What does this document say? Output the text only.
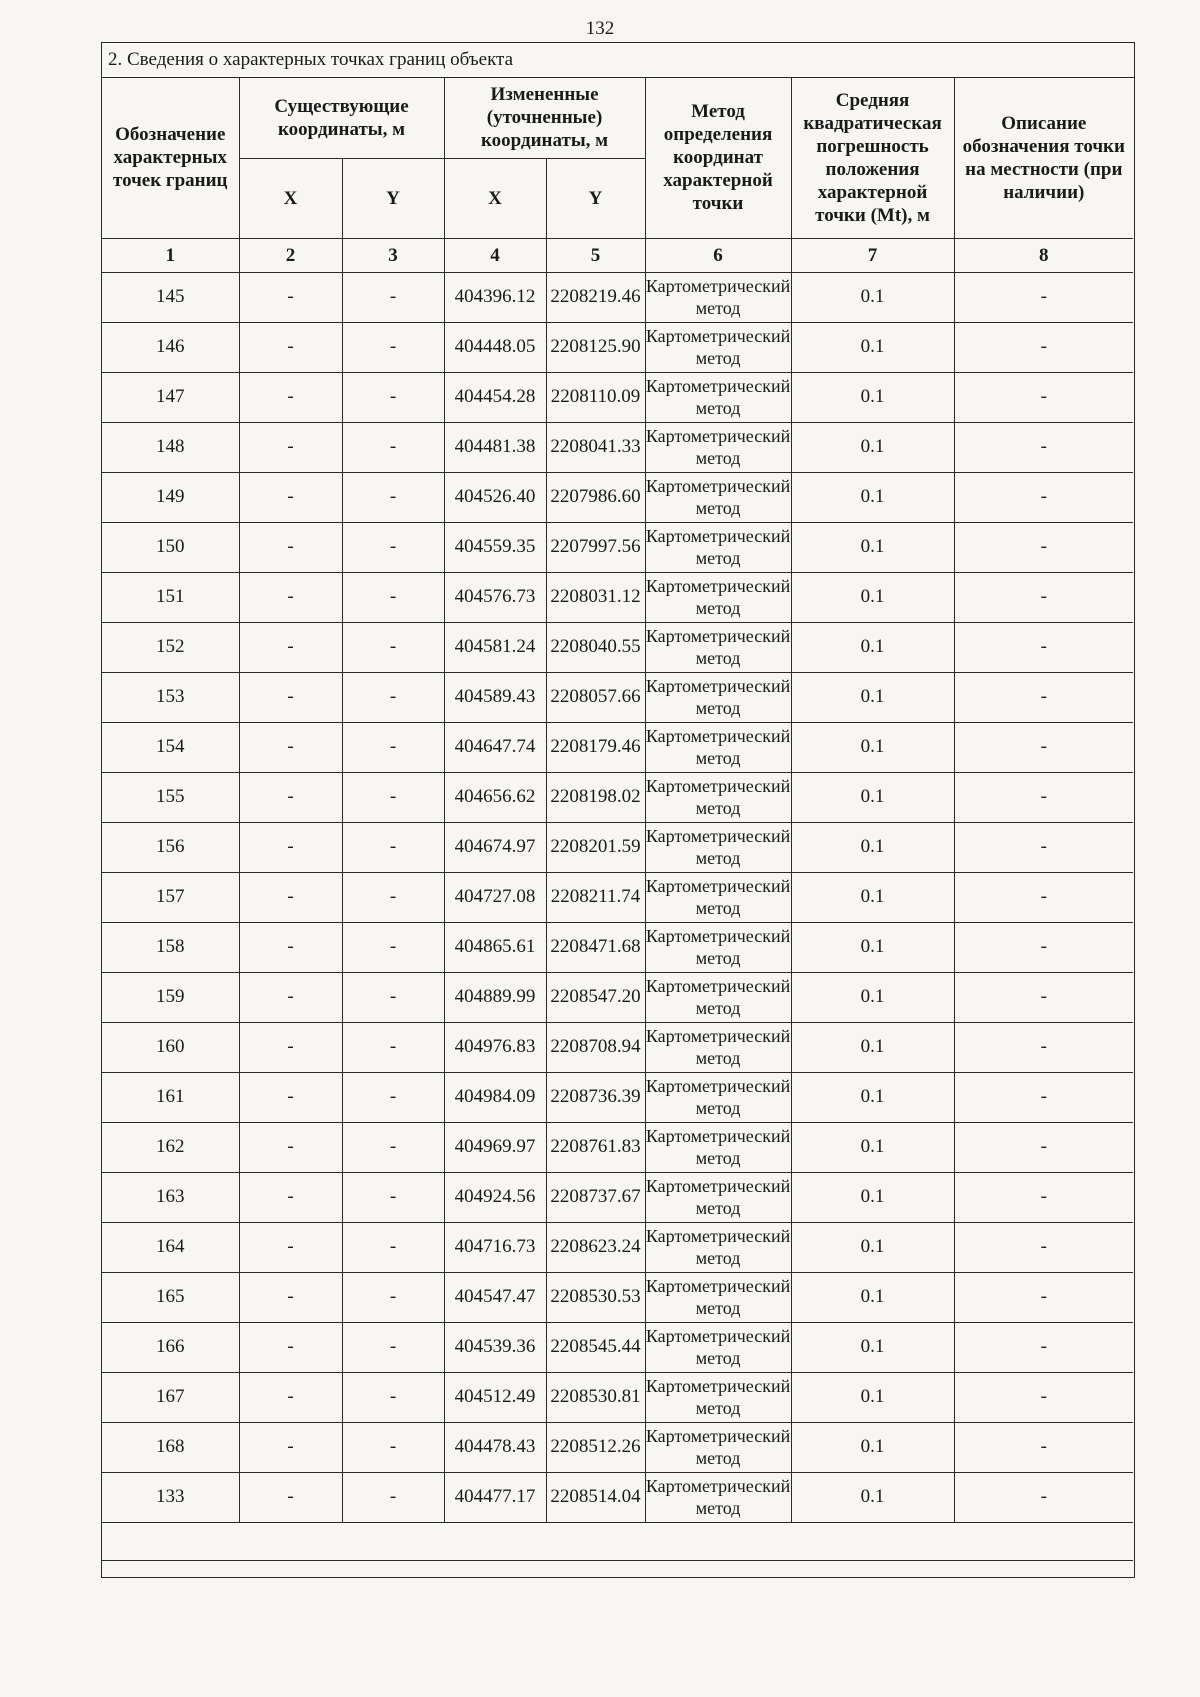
132
2. Сведения о характерных точках границ объекта
Обозначение характерных точек границ	Существующие координаты, м		Измененные (уточненные) координаты, м		Метод определения координат характерной точки	Средняя квадратическая погрешность положения характерной точки (Mt), м	Описание обозначения точки на местности (при наличии)
	X	Y	X	Y			
1	2	3	4	5	6	7	8
145	-	-	404396.12	2208219.46	Картометрический метод	0.1	-
146	-	-	404448.05	2208125.90	Картометрический метод	0.1	-
147	-	-	404454.28	2208110.09	Картометрический метод	0.1	-
148	-	-	404481.38	2208041.33	Картометрический метод	0.1	-
149	-	-	404526.40	2207986.60	Картометрический метод	0.1	-
150	-	-	404559.35	2207997.56	Картометрический метод	0.1	-
151	-	-	404576.73	2208031.12	Картометрический метод	0.1	-
152	-	-	404581.24	2208040.55	Картометрический метод	0.1	-
153	-	-	404589.43	2208057.66	Картометрический метод	0.1	-
154	-	-	404647.74	2208179.46	Картометрический метод	0.1	-
155	-	-	404656.62	2208198.02	Картометрический метод	0.1	-
156	-	-	404674.97	2208201.59	Картометрический метод	0.1	-
157	-	-	404727.08	2208211.74	Картометрический метод	0.1	-
158	-	-	404865.61	2208471.68	Картометрический метод	0.1	-
159	-	-	404889.99	2208547.20	Картометрический метод	0.1	-
160	-	-	404976.83	2208708.94	Картометрический метод	0.1	-
161	-	-	404984.09	2208736.39	Картометрический метод	0.1	-
162	-	-	404969.97	2208761.83	Картометрический метод	0.1	-
163	-	-	404924.56	2208737.67	Картометрический метод	0.1	-
164	-	-	404716.73	2208623.24	Картометрический метод	0.1	-
165	-	-	404547.47	2208530.53	Картометрический метод	0.1	-
166	-	-	404539.36	2208545.44	Картометрический метод	0.1	-
167	-	-	404512.49	2208530.81	Картометрический метод	0.1	-
168	-	-	404478.43	2208512.26	Картометрический метод	0.1	-
133	-	-	404477.17	2208514.04	Картометрический метод	0.1	-
